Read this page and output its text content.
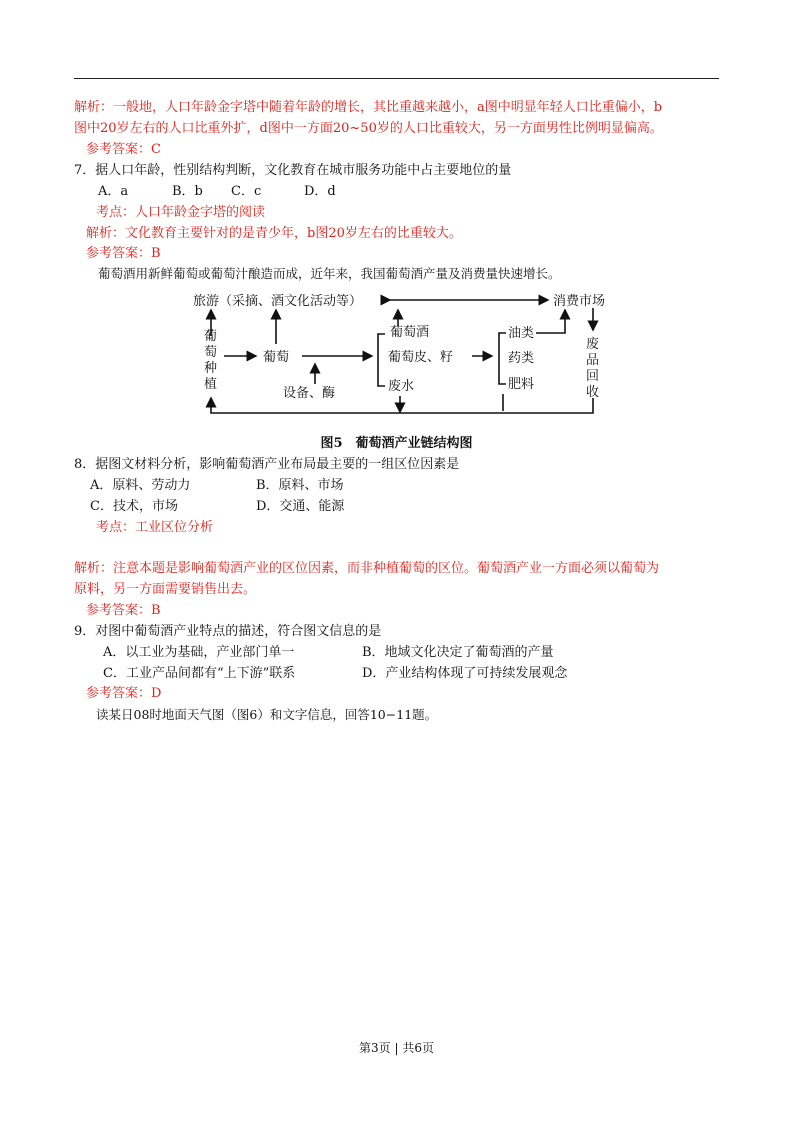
解析：一般地，人口年龄金字塔中随着年龄的增长，其比重越来越小，a图中明显年轻人口比重偏小，b
图中20岁左右的人口比重外扩，d图中一方面20~50岁的人口比重较大，另一方面男性比例明显偏高。
参考答案：C
7．据人口年龄，性别结构判断，文化教育在城市服务功能中占主要地位的量
A．a	B．b C．c	D．d
考点：人口年龄金字塔的阅读
解析：文化教育主要针对的是青少年，b图20岁左右的比重较大。
参考答案：B
葡萄酒用新鲜葡萄或葡萄汁酿造而成，近年来，我国葡萄酒产量及消费量快速增长。
旅游（采摘、酒文化活动等）	消费市场
葡
萄
种
植
葡萄
设备、酶
葡萄酒
葡萄皮、籽
废水
油类
药类
肥料
废
品
回
收
图5　葡萄酒产业链结构图
8．据图文材料分析，影响葡萄酒产业布局最主要的一组区位因素是
A．原料、劳动力	B．原料、市场
C．技术，市场	D．交通、能源
考点：工业区位分析
解析：注意本题是影响葡萄酒产业的区位因素，而非种植葡萄的区位。葡萄酒产业一方面必须以葡萄为
原料，另一方面需要销售出去。
参考答案：B
9．对图中葡萄酒产业特点的描述，符合图文信息的是
A．以工业为基础，产业部门单一	B．地域文化决定了葡萄酒的产量
C．工业产品间都有“上下游”联系	D．产业结构体现了可持续发展观念
参考答案：D
读某日08时地面天气图（图6）和文字信息，回答10−11题。
第3页 | 共6页
